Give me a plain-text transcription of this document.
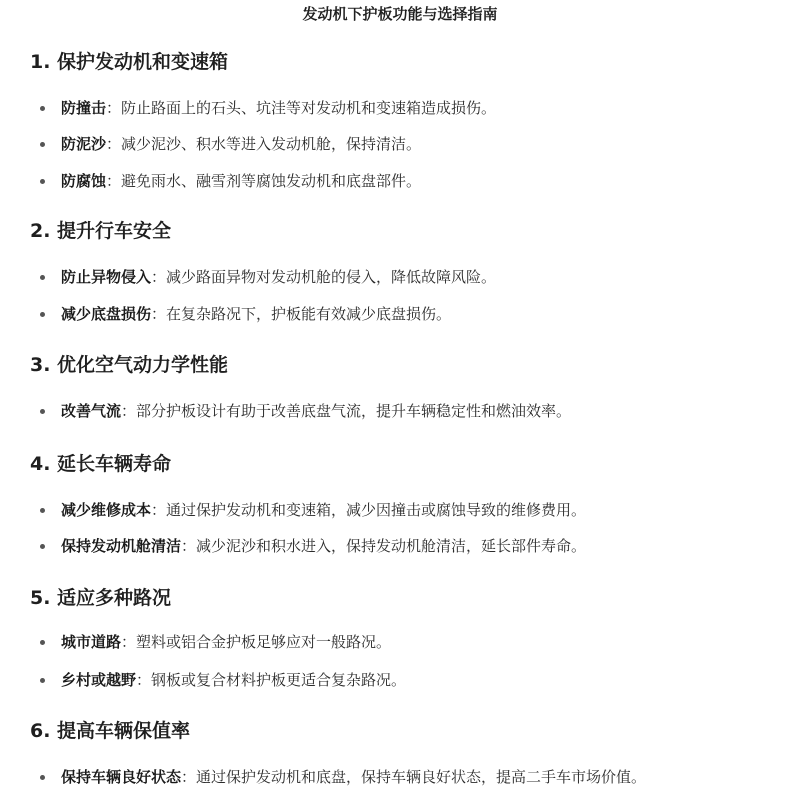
发动机下护板功能与选择指南
1. 保护发动机和变速箱
防撞击：防止路面上的石头、坑洼等对发动机和变速箱造成损伤。
防泥沙：减少泥沙、积水等进入发动机舱，保持清洁。
防腐蚀：避免雨水、融雪剂等腐蚀发动机和底盘部件。
2. 提升行车安全
防止异物侵入：减少路面异物对发动机舱的侵入，降低故障风险。
减少底盘损伤：在复杂路况下，护板能有效减少底盘损伤。
3. 优化空气动力学性能
改善气流：部分护板设计有助于改善底盘气流，提升车辆稳定性和燃油效率。
4. 延长车辆寿命
减少维修成本：通过保护发动机和变速箱，减少因撞击或腐蚀导致的维修费用。
保持发动机舱清洁：减少泥沙和积水进入，保持发动机舱清洁，延长部件寿命。
5. 适应多种路况
城市道路：塑料或铝合金护板足够应对一般路况。
乡村或越野：钢板或复合材料护板更适合复杂路况。
6. 提高车辆保值率
保持车辆良好状态：通过保护发动机和底盘，保持车辆良好状态，提高二手车市场价值。
